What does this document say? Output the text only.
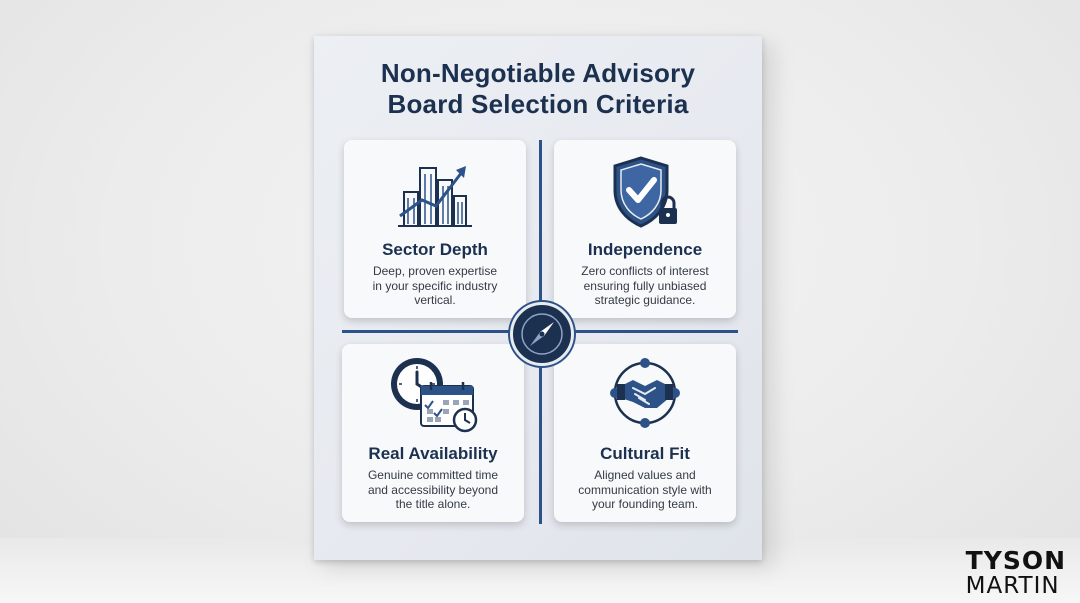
Non-Negotiable Advisory
Board Selection Criteria
Sector Depth
Deep, proven expertise
in your specific industry
vertical.
Independence
Zero conflicts of interest
ensuring fully unbiased
strategic guidance.
Real Availability
Genuine committed time
and accessibility beyond
the title alone.
Cultural Fit
Aligned values and
communication style with
your founding team.
TYSON
MARTIN
